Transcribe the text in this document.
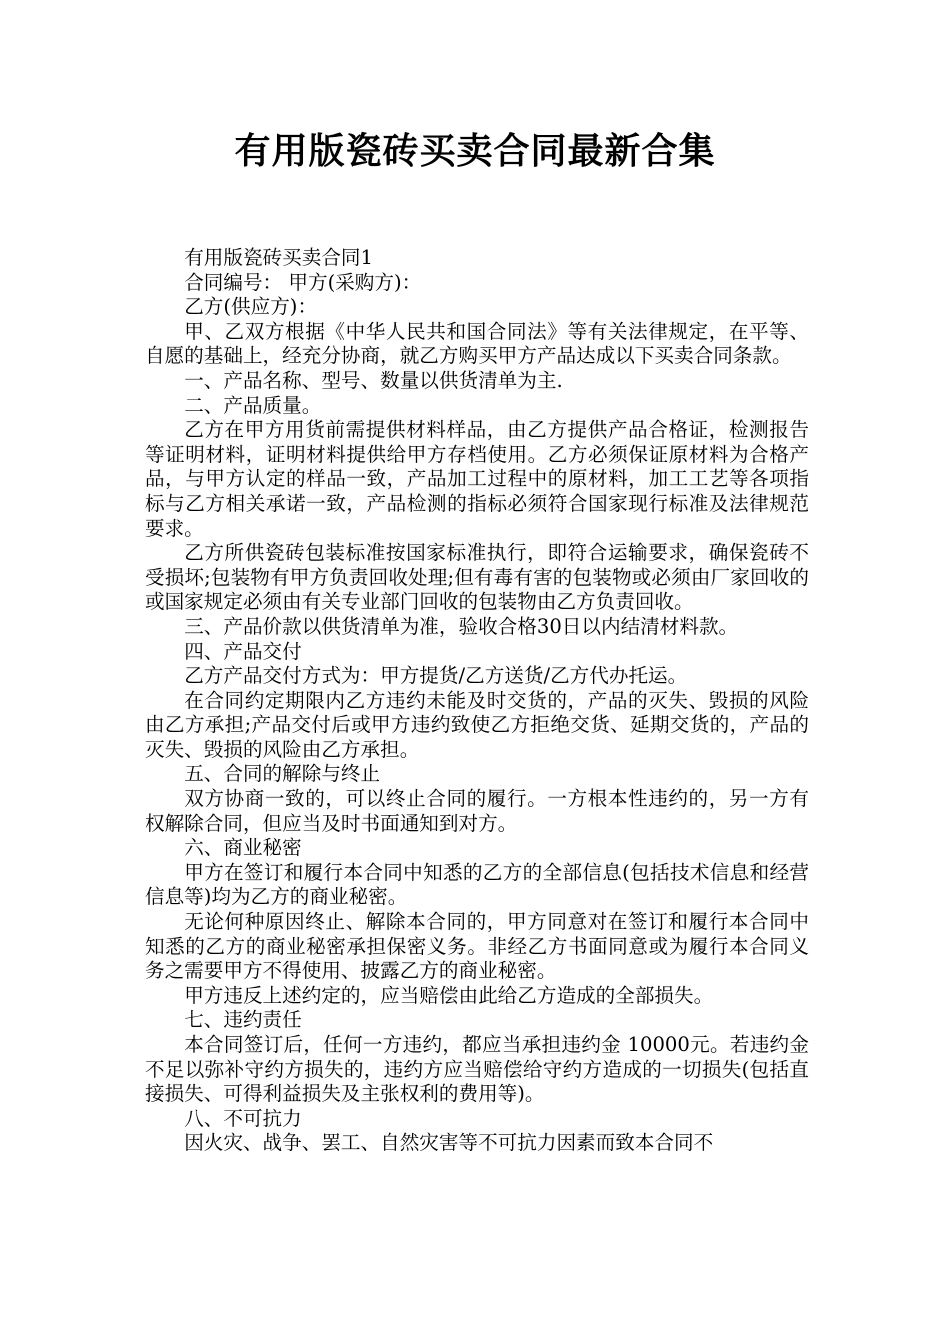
有用版瓷砖买卖合同最新合集

有用版瓷砖买卖合同1

合同编号： 甲方(采购方)：

乙方(供应方)：

甲、乙双方根据《中华人民共和国合同法》等有关法律规定，在平等、自愿的基础上，经充分协商，就乙方购买甲方产品达成以下买卖合同条款。

一、产品名称、型号、数量以供货清单为主.

二、产品质量。

乙方在甲方用货前需提供材料样品，由乙方提供产品合格证，检测报告等证明材料，证明材料提供给甲方存档使用。乙方必须保证原材料为合格产品，与甲方认定的样品一致，产品加工过程中的原材料，加工工艺等各项指标与乙方相关承诺一致，产品检测的指标必须符合国家现行标准及法律规范要求。

乙方所供瓷砖包装标准按国家标准执行，即符合运输要求，确保瓷砖不受损坏;包装物有甲方负责回收处理;但有毒有害的包装物或必须由厂家回收的或国家规定必须由有关专业部门回收的包装物由乙方负责回收。

三、产品价款以供货清单为准，验收合格30日以内结清材料款。

四、产品交付

乙方产品交付方式为：甲方提货/乙方送货/乙方代办托运。

在合同约定期限内乙方违约未能及时交货的，产品的灭失、毁损的风险由乙方承担;产品交付后或甲方违约致使乙方拒绝交货、延期交货的，产品的灭失、毁损的风险由乙方承担。

五、合同的解除与终止

双方协商一致的，可以终止合同的履行。一方根本性违约的，另一方有权解除合同，但应当及时书面通知到对方。

六、商业秘密

甲方在签订和履行本合同中知悉的乙方的全部信息(包括技术信息和经营信息等)均为乙方的商业秘密。

无论何种原因终止、解除本合同的，甲方同意对在签订和履行本合同中知悉的乙方的商业秘密承担保密义务。非经乙方书面同意或为履行本合同义务之需要甲方不得使用、披露乙方的商业秘密。

甲方违反上述约定的，应当赔偿由此给乙方造成的全部损失。

七、违约责任

本合同签订后，任何一方违约，都应当承担违约金 10000元。若违约金不足以弥补守约方损失的，违约方应当赔偿给守约方造成的一切损失(包括直接损失、可得利益损失及主张权利的费用等)。

八、不可抗力

因火灾、战争、罢工、自然灾害等不可抗力因素而致本合同不
